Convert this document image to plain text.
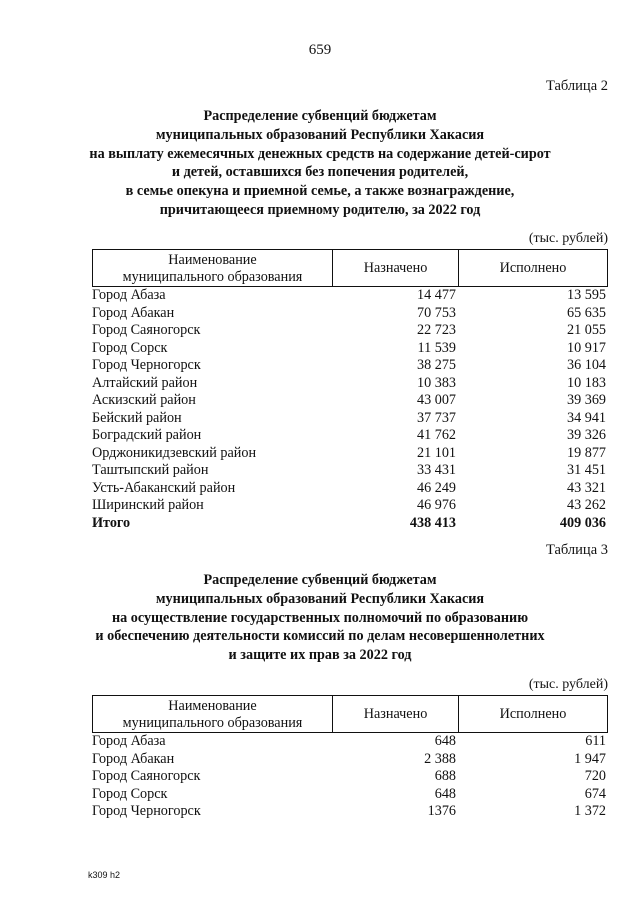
659
Таблица 2
Распределение субвенций бюджетам
муниципальных образований Республики Хакасия
на выплату ежемесячных денежных средств на содержание детей-сирот
и детей, оставшихся без попечения родителей,
в семье опекуна и приемной семье, а также вознаграждение,
причитающееся приемному родителю, за 2022 год
(тыс. рублей)
Наименование
муниципального образования
Назначено	Исполнено
Город Абаза	14 477	13 595
Город Абакан	70 753	65 635
Город Саяногорск	22 723	21 055
Город Сорск	11 539	10 917
Город Черногорск	38 275	36 104
Алтайский район	10 383	10 183
Аскизский район	43 007	39 369
Бейский район	37 737	34 941
Боградский район	41 762	39 326
Орджоникидзевский район	21 101	19 877
Таштыпский район	33 431	31 451
Усть-Абаканский район	46 249	43 321
Ширинский район	46 976	43 262
Итого	438 413	409 036
Таблица 3
Распределение субвенций бюджетам
муниципальных образований Республики Хакасия
на осуществление государственных полномочий по образованию
и обеспечению деятельности комиссий по делам несовершеннолетних
и защите их прав за 2022 год
(тыс. рублей)
Наименование
муниципального образования
Назначено	Исполнено
Город Абаза	648	611
Город Абакан	2 388	1 947
Город Саяногорск	688	720
Город Сорск	648	674
Город Черногорск	1376	1 372
k309 h2
